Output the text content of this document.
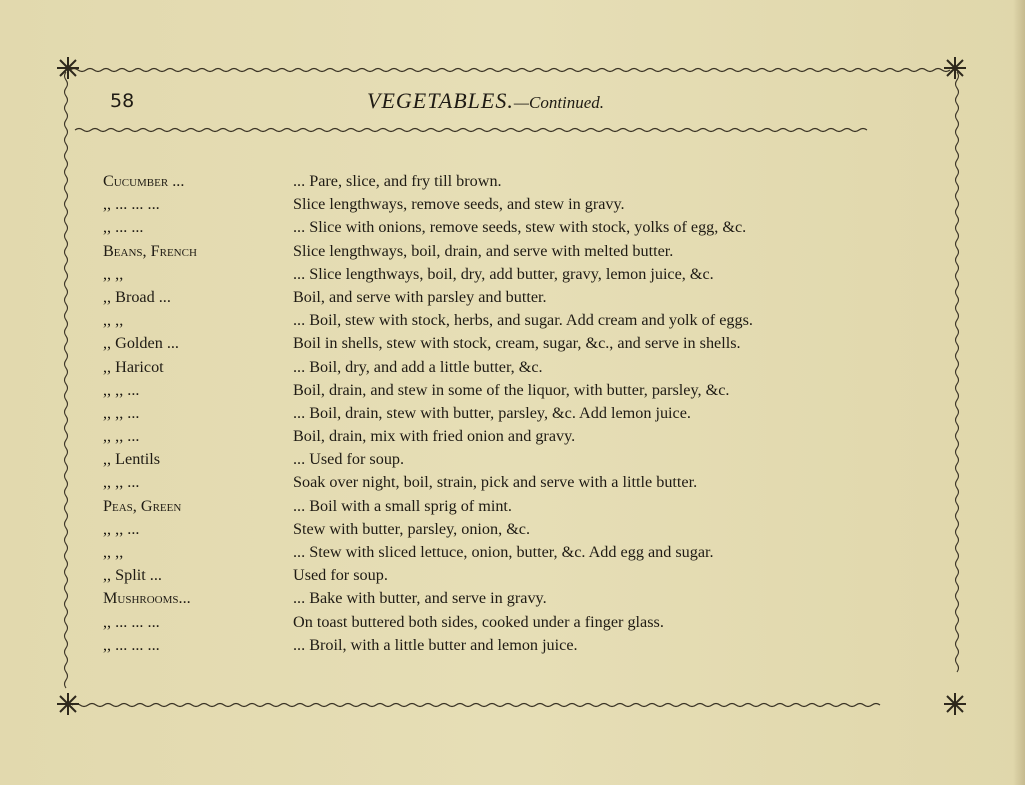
58	VEGETABLES.—Continued.
Cucumber ...	... Pare, slice, and fry till brown.
,, ... ... ...	Slice lengthways, remove seeds, and stew in gravy.
,, ... ...	... Slice with onions, remove seeds, stew with stock, yolks of egg, &c.
Beans, French	Slice lengthways, boil, drain, and serve with melted butter.
,, ,,	... Slice lengthways, boil, dry, add butter, gravy, lemon juice, &c.
,, Broad ...	Boil, and serve with parsley and butter.
,, ,,	... Boil, stew with stock, herbs, and sugar. Add cream and yolk of eggs.
,, Golden ...	Boil in shells, stew with stock, cream, sugar, &c., and serve in shells.
,, Haricot	... Boil, dry, and add a little butter, &c.
,, ,, ...	Boil, drain, and stew in some of the liquor, with butter, parsley, &c.
,, ,, ...	... Boil, drain, stew with butter, parsley, &c. Add lemon juice.
,, ,, ...	Boil, drain, mix with fried onion and gravy.
,, Lentils	... Used for soup.
,, ,, ...	Soak over night, boil, strain, pick and serve with a little butter.
Peas, Green	... Boil with a small sprig of mint.
,, ,, ...	Stew with butter, parsley, onion, &c.
,, ,,	... Stew with sliced lettuce, onion, butter, &c. Add egg and sugar.
,, Split ...	Used for soup.
Mushrooms...	... Bake with butter, and serve in gravy.
,, ... ... ...	On toast buttered both sides, cooked under a finger glass.
,, ... ... ...	... Broil, with a little butter and lemon juice.
